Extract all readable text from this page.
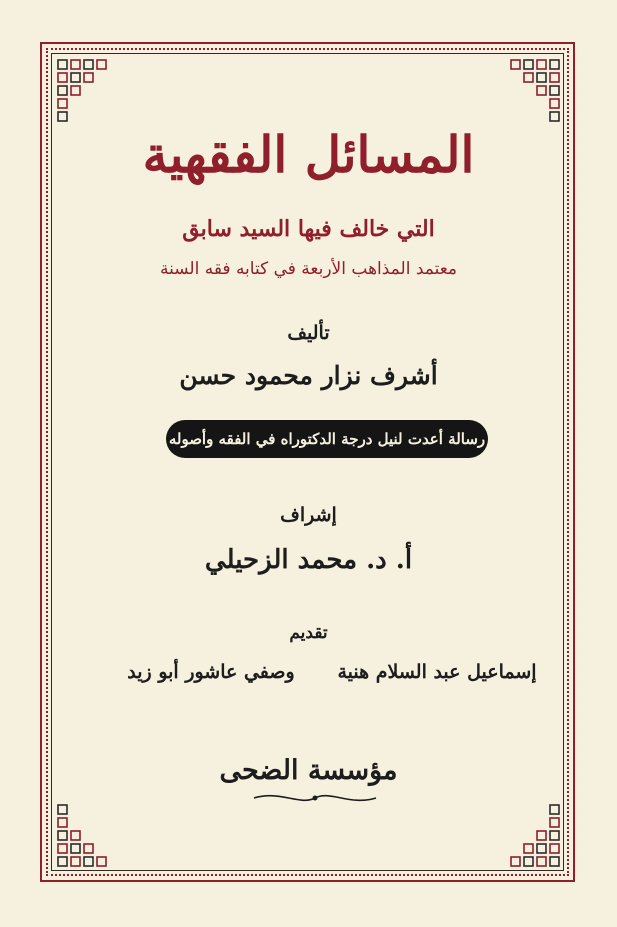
المسائل الفقهية
التي خالف فيها السيد سابق
معتمد المذاهب الأربعة في كتابه فقه السنة
تأليف
أشرف نزار محمود حسن
رسالة أعدت لنيل درجة الدكتوراه في الفقه وأصوله
إشراف
أ. د. محمد الزحيلي
تقديم
إسماعيل عبد السلام هنية
وصفي عاشور أبو زيد
مؤسسة الضحى
